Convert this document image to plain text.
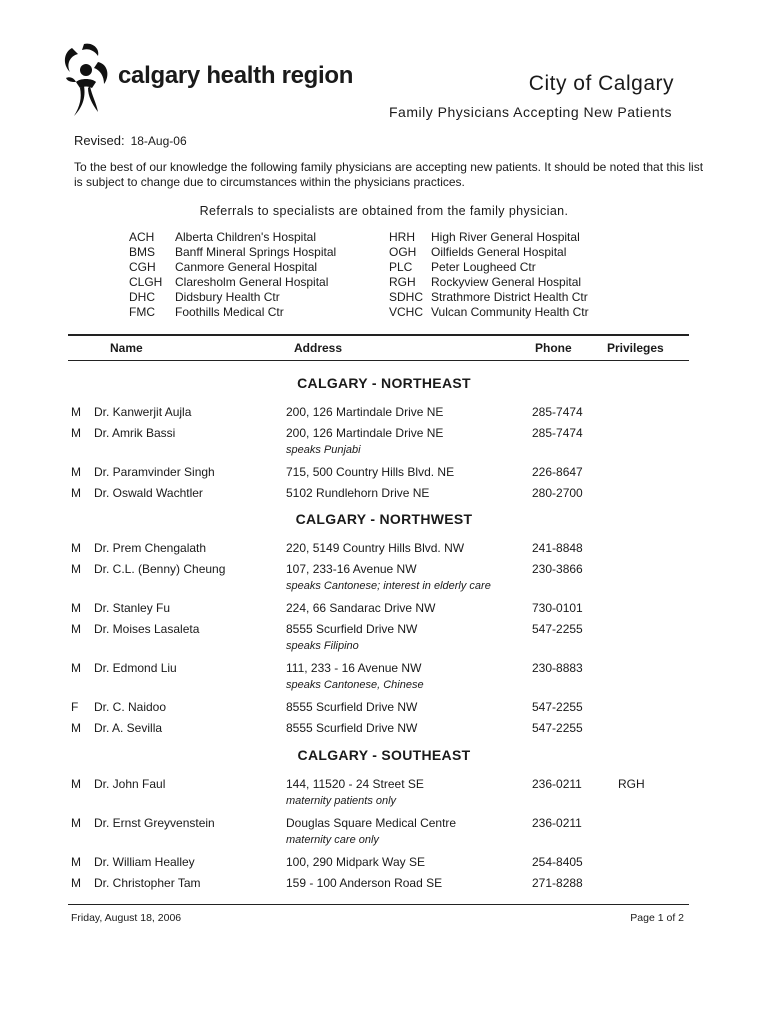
calgary health region	City of Calgary
Family Physicians Accepting New Patients
Revised: 18-Aug-06
To the best of our knowledge the following family physicians are accepting new patients. It should be noted that this list is subject to change due to circumstances within the physicians practices.
Referrals to specialists are obtained from the family physician.
ACH	Alberta Children's Hospital
BMS	Banff Mineral Springs Hospital
CGH	Canmore General Hospital
CLGH	Claresholm General Hospital
DHC	Didsbury Health Ctr
FMC	Foothills Medical Ctr
HRH	High River General Hospital
OGH	Oilfields General Hospital
PLC	Peter Lougheed Ctr
RGH	Rockyview General Hospital
SDHC Strathmore District Health Ctr
VCHC Vulcan Community Health Ctr
Name	Address	Phone	Privileges
CALGARY - NORTHEAST
M Dr. Kanwerjit Aujla	200, 126 Martindale Drive NE	285-7474
M Dr. Amrik Bassi	200, 126 Martindale Drive NE	285-7474
speaks Punjabi
M Dr. Paramvinder Singh	715, 500 Country Hills Blvd. NE	226-8647
M Dr. Oswald Wachtler	5102 Rundlehorn Drive NE	280-2700
CALGARY - NORTHWEST
M Dr. Prem Chengalath	220, 5149 Country Hills Blvd. NW	241-8848
M Dr. C.L. (Benny) Cheung	107, 233-16 Avenue NW	230-3866
speaks Cantonese; interest in elderly care
M Dr. Stanley Fu	224, 66 Sandarac Drive NW	730-0101
M Dr. Moises Lasaleta	8555 Scurfield Drive NW	547-2255
speaks Filipino
M Dr. Edmond Liu	111, 233 - 16 Avenue NW	230-8883
speaks Cantonese, Chinese
F Dr. C. Naidoo	8555 Scurfield Drive NW	547-2255
M Dr. A. Sevilla	8555 Scurfield Drive NW	547-2255
CALGARY - SOUTHEAST
M Dr. John Faul	144, 11520 - 24 Street SE	236-0211	RGH
maternity patients only
M Dr. Ernst Greyvenstein	Douglas Square Medical Centre	236-0211
maternity care only
M Dr. William Healley	100, 290 Midpark Way SE	254-8405
M Dr. Christopher Tam	159 - 100 Anderson Road SE	271-8288
Friday, August 18, 2006	Page 1 of 2
